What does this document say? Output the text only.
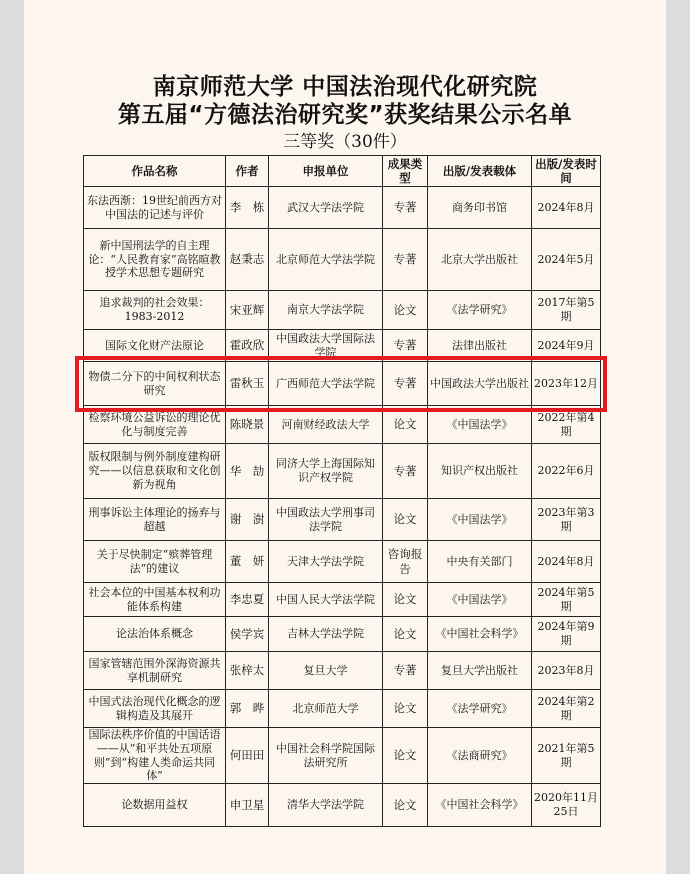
南京师范大学 中国法治现代化研究院
第五届“方德法治研究奖”获奖结果公示名单
三等奖（30件）
作品名称	作者	申报单位	成果类型	出版/发表载体	出版/发表时间
东法西渐：19世纪前西方对中国法的记述与评价	李　栋	武汉大学法学院	专著	商务印书馆	2024年8月
新中国刑法学的自主理论：“人民教育家”高铭暄教授学术思想专题研究	赵秉志	北京师范大学法学院	专著	北京大学出版社	2024年5月
追求裁判的社会效果：1983-2012	宋亚辉	南京大学法学院	论文	《法学研究》	2017年第5期
国际文化财产法原论	霍政欣	中国政法大学国际法学院	专著	法律出版社	2024年9月
物债二分下的中间权利状态研究	雷秋玉	广西师范大学法学院	专著	中国政法大学出版社	2023年12月
检察环境公益诉讼的理论优化与制度完善	陈晓景	河南财经政法大学	论文	《中国法学》	2022年第4期
版权限制与例外制度建构研究——以信息获取和文化创新为视角	华　劼	同济大学上海国际知识产权学院	专著	知识产权出版社	2022年6月
刑事诉讼主体理论的扬弃与超越	谢　澍	中国政法大学刑事司法学院	论文	《中国法学》	2023年第3期
关于尽快制定“殡葬管理法”的建议	董　妍	天津大学法学院	咨询报告	中央有关部门	2024年8月
社会本位的中国基本权利功能体系构建	李忠夏	中国人民大学法学院	论文	《中国法学》	2024年第5期
论法治体系概念	侯学宾	吉林大学法学院	论文	《中国社会科学》	2024年第9期
国家管辖范围外深海资源共享机制研究	张梓太	复旦大学	专著	复旦大学出版社	2023年8月
中国式法治现代化概念的逻辑构造及其展开	郭　晔	北京师范大学	论文	《法学研究》	2024年第2期
国际法秩序价值的中国话语——从“和平共处五项原则”到“构建人类命运共同体”	何田田	中国社会科学院国际法研究所	论文	《法商研究》	2021年第5期
论数据用益权	申卫星	清华大学法学院	论文	《中国社会科学》	2020年11月25日
